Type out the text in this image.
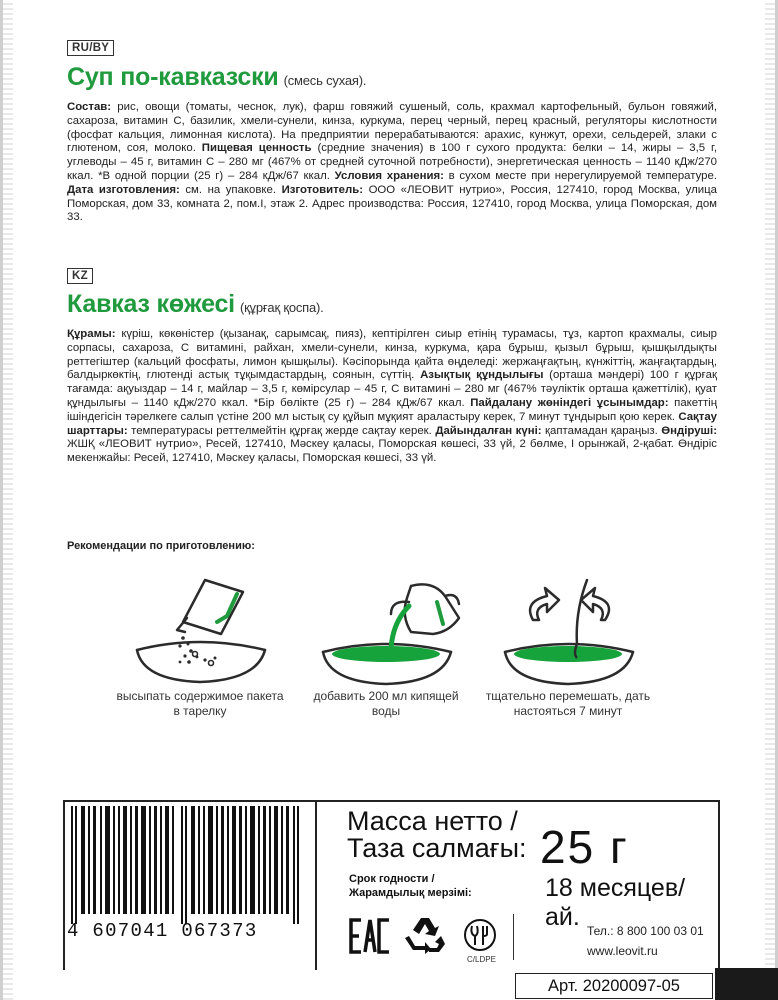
RU/BY
Суп по-кавказски (смесь сухая).
Состав: рис, овощи (томаты, чеснок, лук), фарш говяжий сушеный, соль, крахмал картофельный, бульон говяжий, сахароза, витамин С, базилик, хмели-сунели, кинза, куркума, перец черный, перец красный, регуляторы кислотности (фосфат кальция, лимонная кислота). На предприятии перерабатываются: арахис, кунжут, орехи, сельдерей, злаки с глютеном, соя, молоко. Пищевая ценность (средние значения) в 100 г сухого продукта: белки – 14, жиры – 3,5 г, углеводы – 45 г, витамин С – 280 мг (467% от средней суточной потребности), энергетическая ценность – 1140 кДж/270 ккал. *В одной порции (25 г) – 284 кДж/67 ккал. Условия хранения: в сухом месте при нерегулируемой температуре. Дата изготовления: см. на упаковке. Изготовитель: ООО «ЛЕОВИТ нутрио», Россия, 127410, город Москва, улица Поморская, дом 33, комната 2, пом.I, этаж 2. Адрес производства: Россия, 127410, город Москва, улица Поморская, дом 33.
KZ
Кавказ көжесі (құрғақ қоспа).
Құрамы: күріш, көкөністер (қызанақ, сарымсақ, пияз), кептірілген сиыр етінің турамасы, тұз, картоп крахмалы, сиыр сорпасы, сахароза, С витамині, райхан, хмели-сунели, кинза, куркума, қара бұрыш, қызыл бұрыш, қышқылдықты реттегіштер (кальций фосфаты, лимон қышқылы). Кәсіпорында қайта өңделеді: жержаңғақтың, күнжіттің, жаңғақтардың, балдыркөктің, глютенді астық тұқымдастардың, соянын, сүттің. Азықтық құндылығы (орташа мәндері) 100 г құрғақ тағамда: ақуыздар – 14 г, майлар – 3,5 г, көмірсулар – 45 г, С витамині – 280 мг (467% тәуліктік орташа қажеттілік), қуат құндылығы – 1140 кДж/270 ккал. *Бір бөлікте (25 г) – 284 кДж/67 ккал. Пайдалану жөніндегі ұсынымдар: пакеттің ішіндегісін тәрелкеге салып үстіне 200 мл ыстық су құйып мұқият араластыру керек, 7 минут тұндырып қою керек. Сақтау шарттары: температурасы реттелмейтін құрғақ жерде сақтау керек. Дайындалған күні: қаптамадан қараңыз. Өндіруші: ЖШҚ «ЛЕОВИТ нутрио», Ресей, 127410, Мәскеу қаласы, Поморская көшесі, 33 үй, 2 бөлме, I орынжай, 2-қабат. Өндіріс мекенжайы: Ресей, 127410, Мәскеу қаласы, Поморская көшесі, 33 үй.
Рекомендации по приготовлению:
высыпать содержимое пакета в тарелку
добавить 200 мл кипящей воды
тщательно перемешать, дать настояться 7 минут
4 607041 067373
Масса нетто /
Таза салмағы: 25 г
Срок годности /
Жарамдылық мерзімі:	18 месяцев/ай.
C/LDPE
Тел.: 8 800 100 03 01
www.leovit.ru
Арт. 20200097-05
